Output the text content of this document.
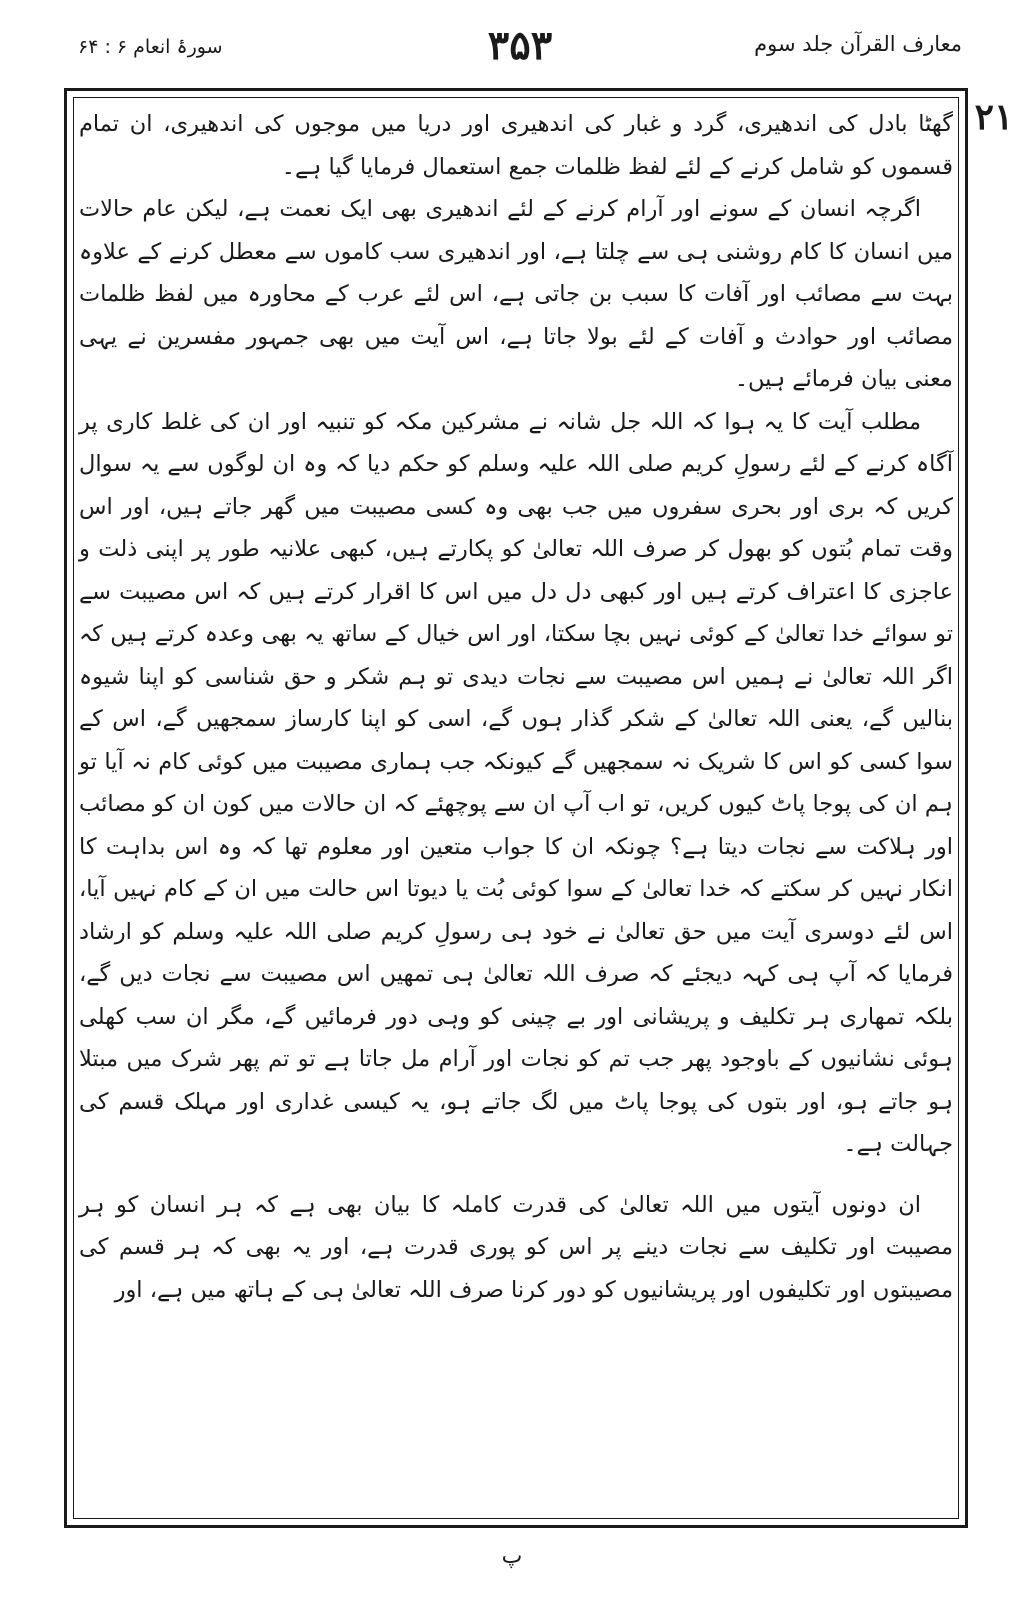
سورۂ انعام ۶ : ۶۴	۳۵۳	معارف القرآن جلد سوم
۲۱

گھٹا بادل کی اندھیری، گرد و غبار کی اندھیری اور دریا میں موجوں کی اندھیری، ان تمام قسموں کو شامل کرنے کے لئے لفظ ظلمات جمع استعمال فرمایا گیا ہے۔

اگرچہ انسان کے سونے اور آرام کرنے کے لئے اندھیری بھی ایک نعمت ہے، لیکن عام حالات میں انسان کا کام روشنی ہی سے چلتا ہے، اور اندھیری سب کاموں سے معطل کرنے کے علاوہ بہت سے مصائب اور آفات کا سبب بن جاتی ہے، اس لئے عرب کے محاورہ میں لفظ ظلمات مصائب اور حوادث و آفات کے لئے بولا جاتا ہے، اس آیت میں بھی جمہور مفسرین نے یہی معنی بیان فرمائے ہیں۔

مطلب آیت کا یہ ہوا کہ اللہ جل شانہ نے مشرکین مکہ کو تنبیہ اور ان کی غلط کاری پر آگاہ کرنے کے لئے رسولِ کریم صلی اللہ علیہ وسلم کو حکم دیا کہ وہ ان لوگوں سے یہ سوال کریں کہ بری اور بحری سفروں میں جب بھی وہ کسی مصیبت میں گھر جاتے ہیں، اور اس وقت تمام بُتوں کو بھول کر صرف اللہ تعالیٰ کو پکارتے ہیں، کبھی علانیہ طور پر اپنی ذلت و عاجزی کا اعتراف کرتے ہیں اور کبھی دل دل میں اس کا اقرار کرتے ہیں کہ اس مصیبت سے تو سوائے خدا تعالیٰ کے کوئی نہیں بچا سکتا، اور اس خیال کے ساتھ یہ بھی وعدہ کرتے ہیں کہ اگر اللہ تعالیٰ نے ہمیں اس مصیبت سے نجات دیدی تو ہم شکر و حق شناسی کو اپنا شیوہ بنالیں گے، یعنی اللہ تعالیٰ کے شکر گذار ہوں گے، اسی کو اپنا کارساز سمجھیں گے، اس کے سوا کسی کو اس کا شریک نہ سمجھیں گے کیونکہ جب ہماری مصیبت میں کوئی کام نہ آیا تو ہم ان کی پوجا پاٹ کیوں کریں، تو اب آپ ان سے پوچھئے کہ ان حالات میں کون ان کو مصائب اور ہلاکت سے نجات دیتا ہے؟ چونکہ ان کا جواب متعین اور معلوم تھا کہ وہ اس بداہت کا انکار نہیں کر سکتے کہ خدا تعالیٰ کے سوا کوئی بُت یا دیوتا اس حالت میں ان کے کام نہیں آیا، اس لئے دوسری آیت میں حق تعالیٰ نے خود ہی رسولِ کریم صلی اللہ علیہ وسلم کو ارشاد فرمایا کہ آپ ہی کہہ دیجئے کہ صرف اللہ تعالیٰ ہی تمھیں اس مصیبت سے نجات دیں گے، بلکہ تمھاری ہر تکلیف و پریشانی اور بے چینی کو وہی دور فرمائیں گے، مگر ان سب کھلی ہوئی نشانیوں کے باوجود پھر جب تم کو نجات اور آرام مل جاتا ہے تو تم پھر شرک میں مبتلا ہو جاتے ہو، اور بتوں کی پوجا پاٹ میں لگ جاتے ہو، یہ کیسی غداری اور مہلک قسم کی جہالت ہے۔

ان دونوں آیتوں میں اللہ تعالیٰ کی قدرت کاملہ کا بیان بھی ہے کہ ہر انسان کو ہر مصیبت اور تکلیف سے نجات دینے پر اس کو پوری قدرت ہے، اور یہ بھی کہ ہر قسم کی مصیبتوں اور تکلیفوں اور پریشانیوں کو دور کرنا صرف اللہ تعالیٰ ہی کے ہاتھ میں ہے، اور

پ
